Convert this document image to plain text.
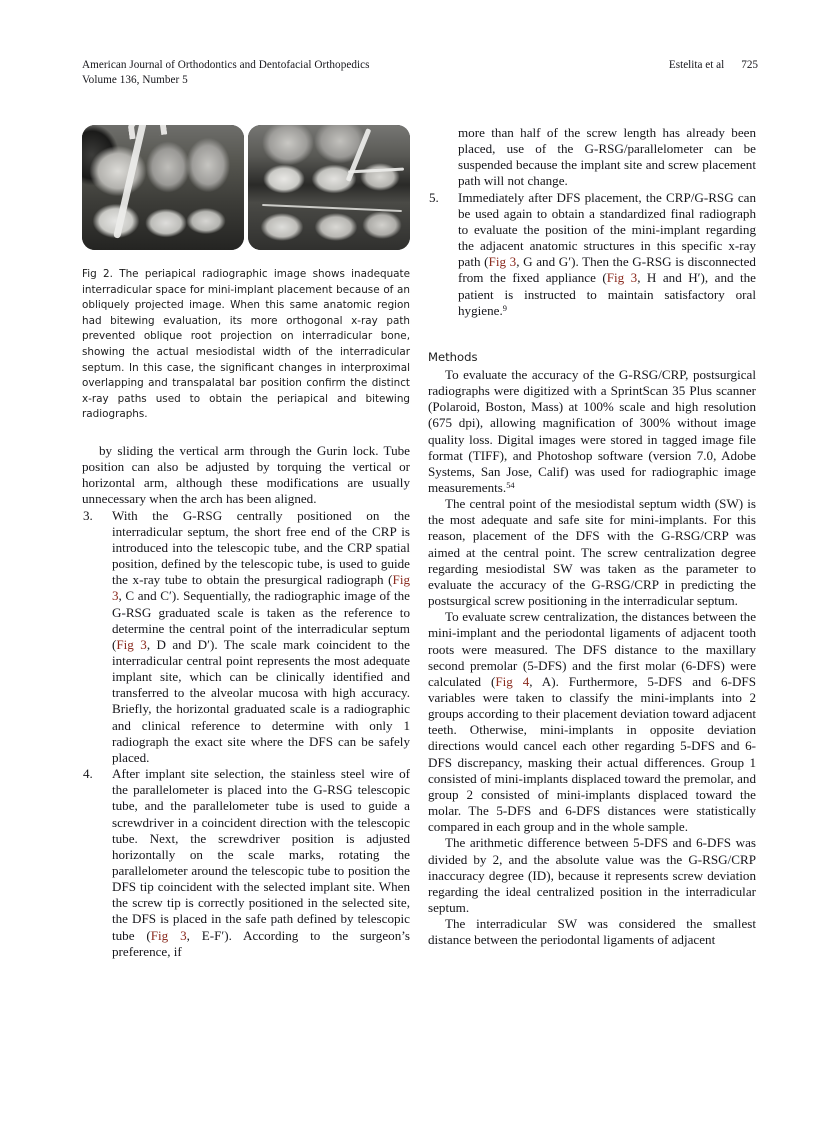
American Journal of Orthodontics and Dentofacial Orthopedics
Volume 136, Number 5
Estelita et al 725
Fig 2. The periapical radiographic image shows inadequate interradicular space for mini-implant placement because of an obliquely projected image. When this same anatomic region had bitewing evaluation, its more orthogonal x-ray path prevented oblique root projection on interradicular bone, showing the actual mesiodistal width of the interradicular septum. In this case, the significant changes in interproximal overlapping and transpalatal bar position confirm the distinct x-ray paths used to obtain the periapical and bitewing radiographs.

by sliding the vertical arm through the Gurin lock. Tube position can also be adjusted by torquing the vertical or horizontal arm, although these modifications are usually unnecessary when the arch has been aligned.

3.	With the G-RSG centrally positioned on the interradicular septum, the short free end of the CRP is introduced into the telescopic tube, and the CRP spatial position, defined by the telescopic tube, is used to guide the x-ray tube to obtain the presurgical radiograph (Fig 3, C and C′). Sequentially, the radiographic image of the G-RSG graduated scale is taken as the reference to determine the central point of the interradicular septum (Fig 3, D and D′). The scale mark coincident to the interradicular central point represents the most adequate implant site, which can be clinically identified and transferred to the alveolar mucosa with high accuracy. Briefly, the horizontal graduated scale is a radiographic and clinical reference to determine with only 1 radiograph the exact site where the DFS can be safely placed.
4.	After implant site selection, the stainless steel wire of the parallelometer is placed into the G-RSG telescopic tube, and the parallelometer tube is used to guide a screwdriver in a coincident direction with the telescopic tube. Next, the screwdriver position is adjusted horizontally on the scale marks, rotating the parallelometer around the telescopic tube to position the DFS tip coincident with the selected implant site. When the screw tip is correctly positioned in the selected site, the DFS is placed in the safe path defined by telescopic tube (Fig 3, E-F′). According to the surgeon’s preference, if
more than half of the screw length has already been placed, use of the G-RSG/parallelometer can be suspended because the implant site and screw placement path will not change.
5.	Immediately after DFS placement, the CRP/G-RSG can be used again to obtain a standardized final radiograph to evaluate the position of the mini-implant regarding the adjacent anatomic structures in this specific x-ray path (Fig 3, G and G′). Then the G-RSG is disconnected from the fixed appliance (Fig 3, H and H′), and the patient is instructed to maintain satisfactory oral hygiene.$^9$
Methods

To evaluate the accuracy of the G-RSG/CRP, postsurgical radiographs were digitized with a SprintScan 35 Plus scanner (Polaroid, Boston, Mass) at 100% scale and high resolution (675 dpi), allowing magnification of 300% without image quality loss. Digital images were stored in tagged image file format (TIFF), and Photoshop software (version 7.0, Adobe Systems, San Jose, Calif) was used for radiographic image measurements.$^{54}$

The central point of the mesiodistal septum width (SW) is the most adequate and safe site for mini-implants. For this reason, placement of the DFS with the G-RSG/CRP was aimed at the central point. The screw centralization degree regarding mesiodistal SW was taken as the parameter to evaluate the accuracy of the G-RSG/CRP in predicting the postsurgical screw positioning in the interradicular septum.

To evaluate screw centralization, the distances between the mini-implant and the periodontal ligaments of adjacent tooth roots were measured. The DFS distance to the maxillary second premolar (5-DFS) and the first molar (6-DFS) were calculated (Fig 4, A). Furthermore, 5-DFS and 6-DFS variables were taken to classify the mini-implants into 2 groups according to their placement deviation toward adjacent teeth. Otherwise, mini-implants in opposite deviation directions would cancel each other regarding 5-DFS and 6-DFS discrepancy, masking their actual differences. Group 1 consisted of mini-implants displaced toward the premolar, and group 2 consisted of mini-implants displaced toward the molar. The 5-DFS and 6-DFS distances were statistically compared in each group and in the whole sample.

The arithmetic difference between 5-DFS and 6-DFS was divided by 2, and the absolute value was the G-RSG/CRP inaccuracy degree (ID), because it represents screw deviation regarding the ideal centralized position in the interradicular septum.

The interradicular SW was considered the smallest distance between the periodontal ligaments of adjacent
